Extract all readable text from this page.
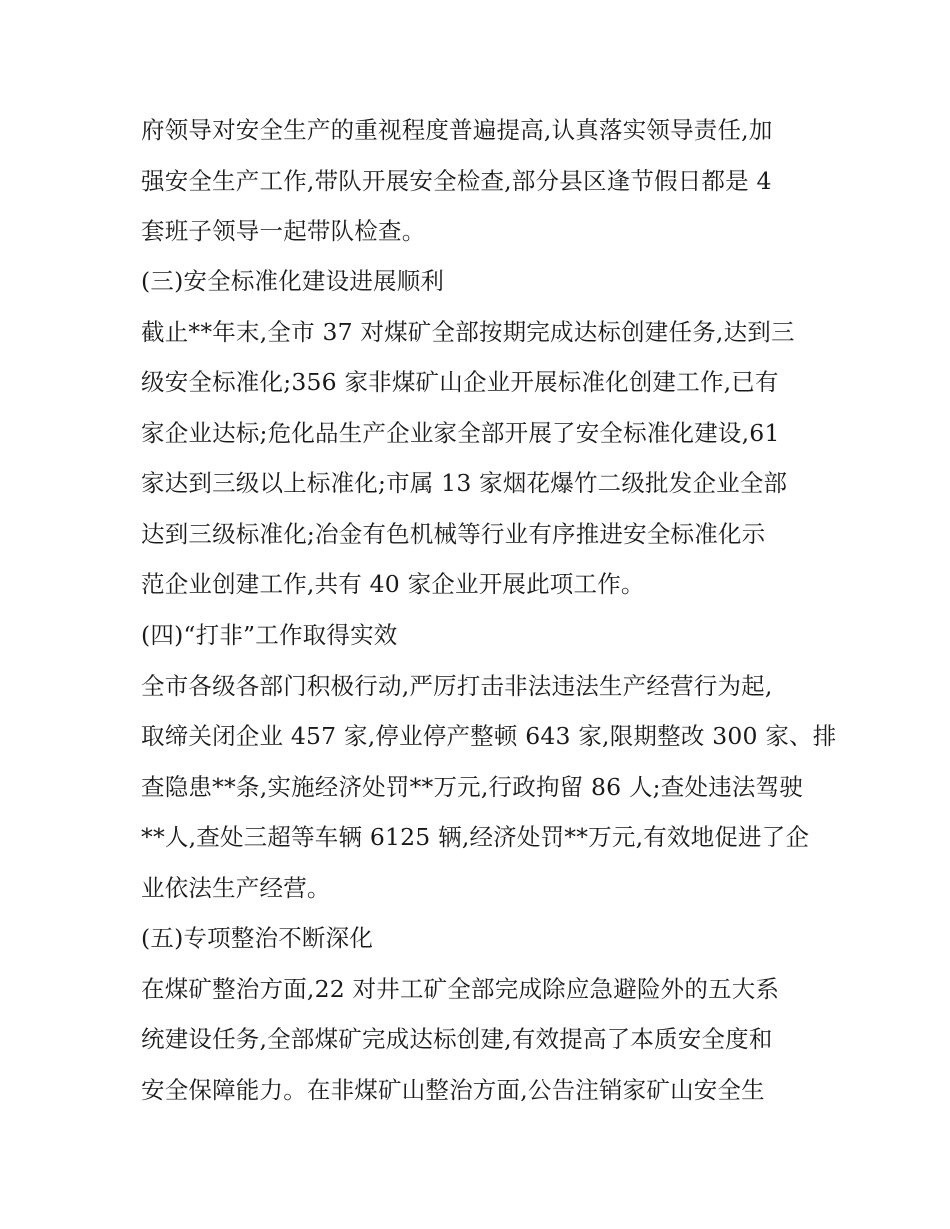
府领导对安全生产的重视程度普遍提高,认真落实领导责任,加
强安全生产工作,带队开展安全检查,部分县区逢节假日都是 4
套班子领导一起带队检查。
(三)安全标准化建设进展顺利
截止**年末,全市 37 对煤矿全部按期完成达标创建任务,达到三
级安全标准化;356 家非煤矿山企业开展标准化创建工作,已有
家企业达标;危化品生产企业家全部开展了安全标准化建设,61
家达到三级以上标准化;市属 13 家烟花爆竹二级批发企业全部
达到三级标准化;冶金有色机械等行业有序推进安全标准化示
范企业创建工作,共有 40 家企业开展此项工作。
(四)“打非”工作取得实效
全市各级各部门积极行动,严厉打击非法违法生产经营行为起,
取缔关闭企业 457 家,停业停产整顿 643 家,限期整改 300 家、排
查隐患**条,实施经济处罚**万元,行政拘留 86 人;查处违法驾驶
**人,查处三超等车辆 6125 辆,经济处罚**万元,有效地促进了企
业依法生产经营。
(五)专项整治不断深化
在煤矿整治方面,22 对井工矿全部完成除应急避险外的五大系
统建设任务,全部煤矿完成达标创建,有效提高了本质安全度和
安全保障能力。在非煤矿山整治方面,公告注销家矿山安全生
